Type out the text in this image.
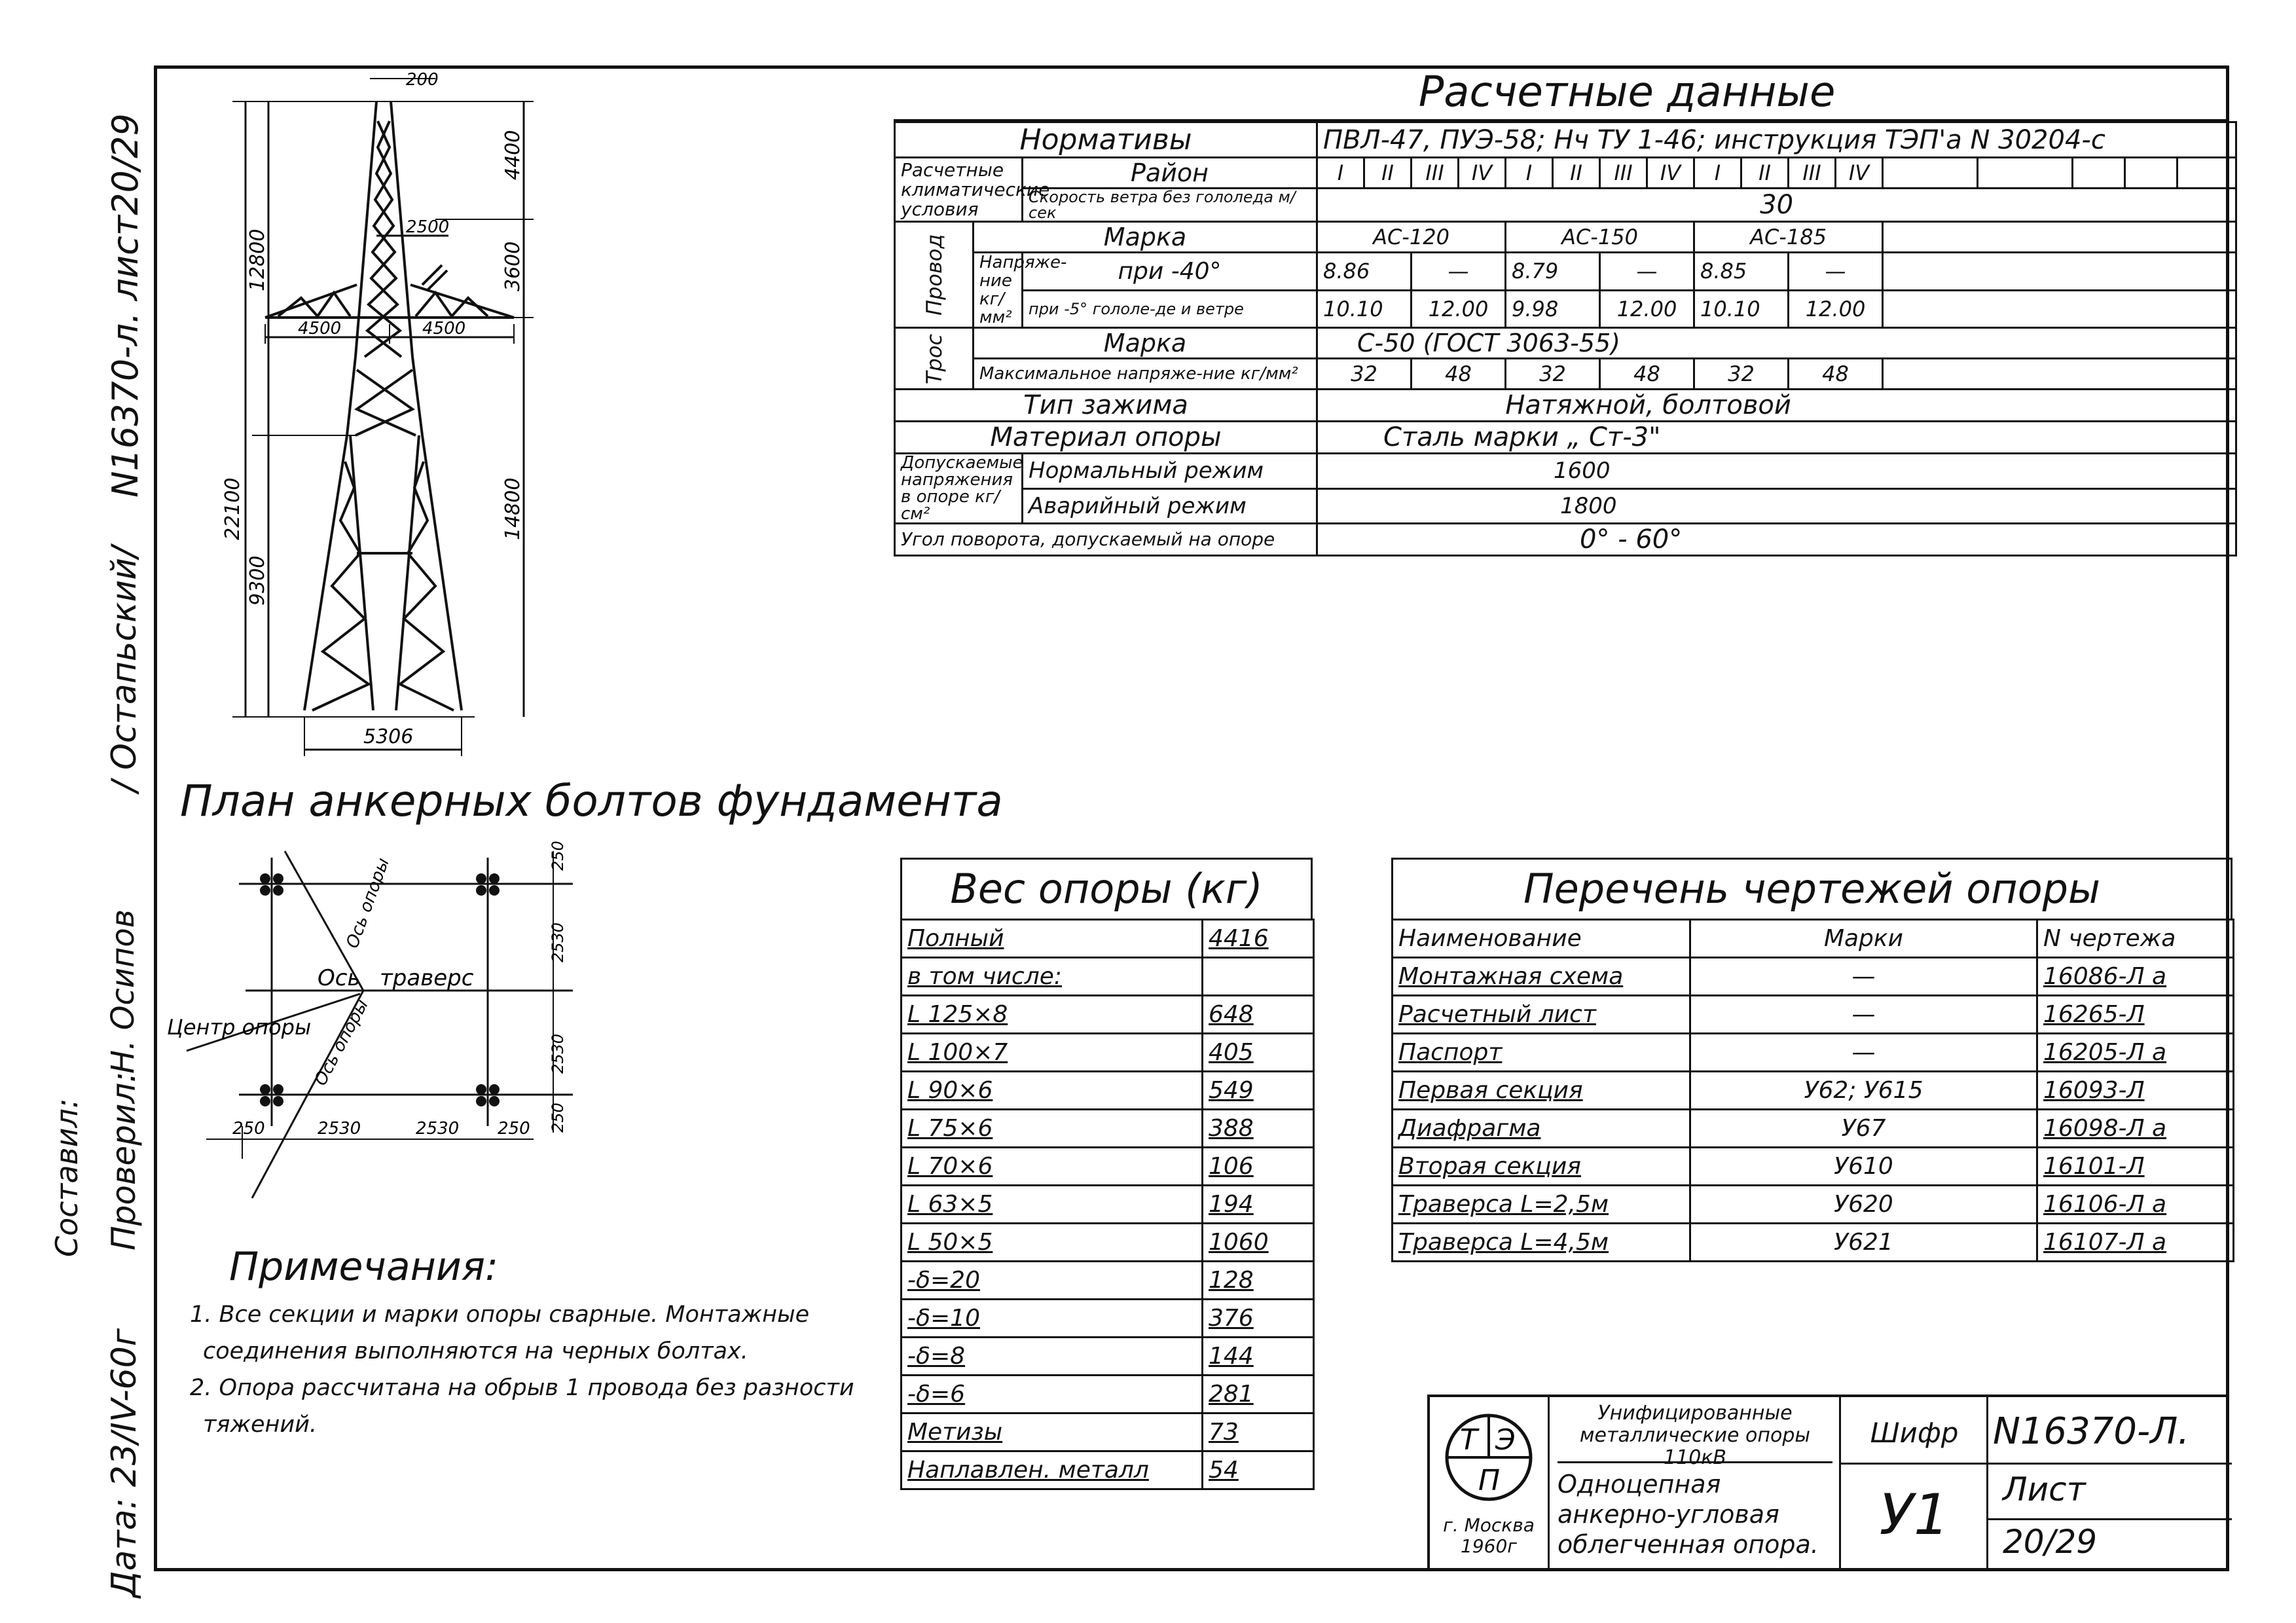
N16370-л. лист20/29
/ Остапьский/
Проверил:
Н. Осипов
Составил:
Дата: 23/IV-60г
200
22100
12800
9300
4400
3600
14800
4500	4500
2500
5306
Расчетные данные
Нормативы			ПВЛ-47, ПУЭ-58; Нч ТУ 1-46; инструкция ТЭП'а N 30204-с																
Расчетные климатические условия		Район	I	II	III	IV	I	II	III	IV	I	II	III	IV					
		Скорость ветра без гололеда м/сек	30																
Провод	Марка		АС-120				АС-150				АС-185								
	Напряже-ние кг/мм²	при -40°	8.86		—		8.79		—		8.85		—						
		при -5° гололе-де и ветре	10.10		12.00		9.98		12.00		10.10		12.00						
Трос	Марка		С-50 (ГОСТ 3063-55)																
	Максимальное напряже-ние кг/мм²		32		48		32		48		32		48						
Тип зажима			Натяжной, болтовой																
Материал опоры			Сталь марки „ Ст-3"																
Допускаемые напряжения в опоре кг/см²		Нормальный режим	1600																
		Аварийный режим	1800																
Угол поворота, допускаемый на опоре			0° - 60°																
План анкерных болтов фундамента
Ось траверс
Центр опоры
Ось опоры
Ось опоры
250	2530	2530 250
250
2530
2530
250
Вес опоры (кг)
Полный	4416
в том числе:	
L 125×8	648
L 100×7	405
L 90×6	549
L 75×6	388
L 70×6	106
L 63×5	194
L 50×5	1060
-δ=20	128
-δ=10	376
-δ=8	144
-δ=6	281
Метизы	73
Наплавлен. металл	54
Перечень чертежей опоры
Наименование	Марки	N чертежа
Монтажная схема	—	16086-Л а
Расчетный лист	—	16265-Л
Паспорт	—	16205-Л а
Первая секция	У62; У615	16093-Л
Диафрагма	У67	16098-Л а
Вторая секция	У610	16101-Л
Траверса L=2,5м	У620	16106-Л а
Траверса L=4,5м	У621	16107-Л а
Примечания:
1. Все секции и марки опоры сварные. Монтажные
соединения выполняются на черных болтах.
2. Опора рассчитана на обрыв 1 провода без разности
тяжений.	Т Э
П
г. Москва 1960г
Унифицированные металлические опоры 110кВ
Одноцепная анкерно-угловая облегченная опора.
Шифр
У1
N16370-Л.
Лист
20/29
